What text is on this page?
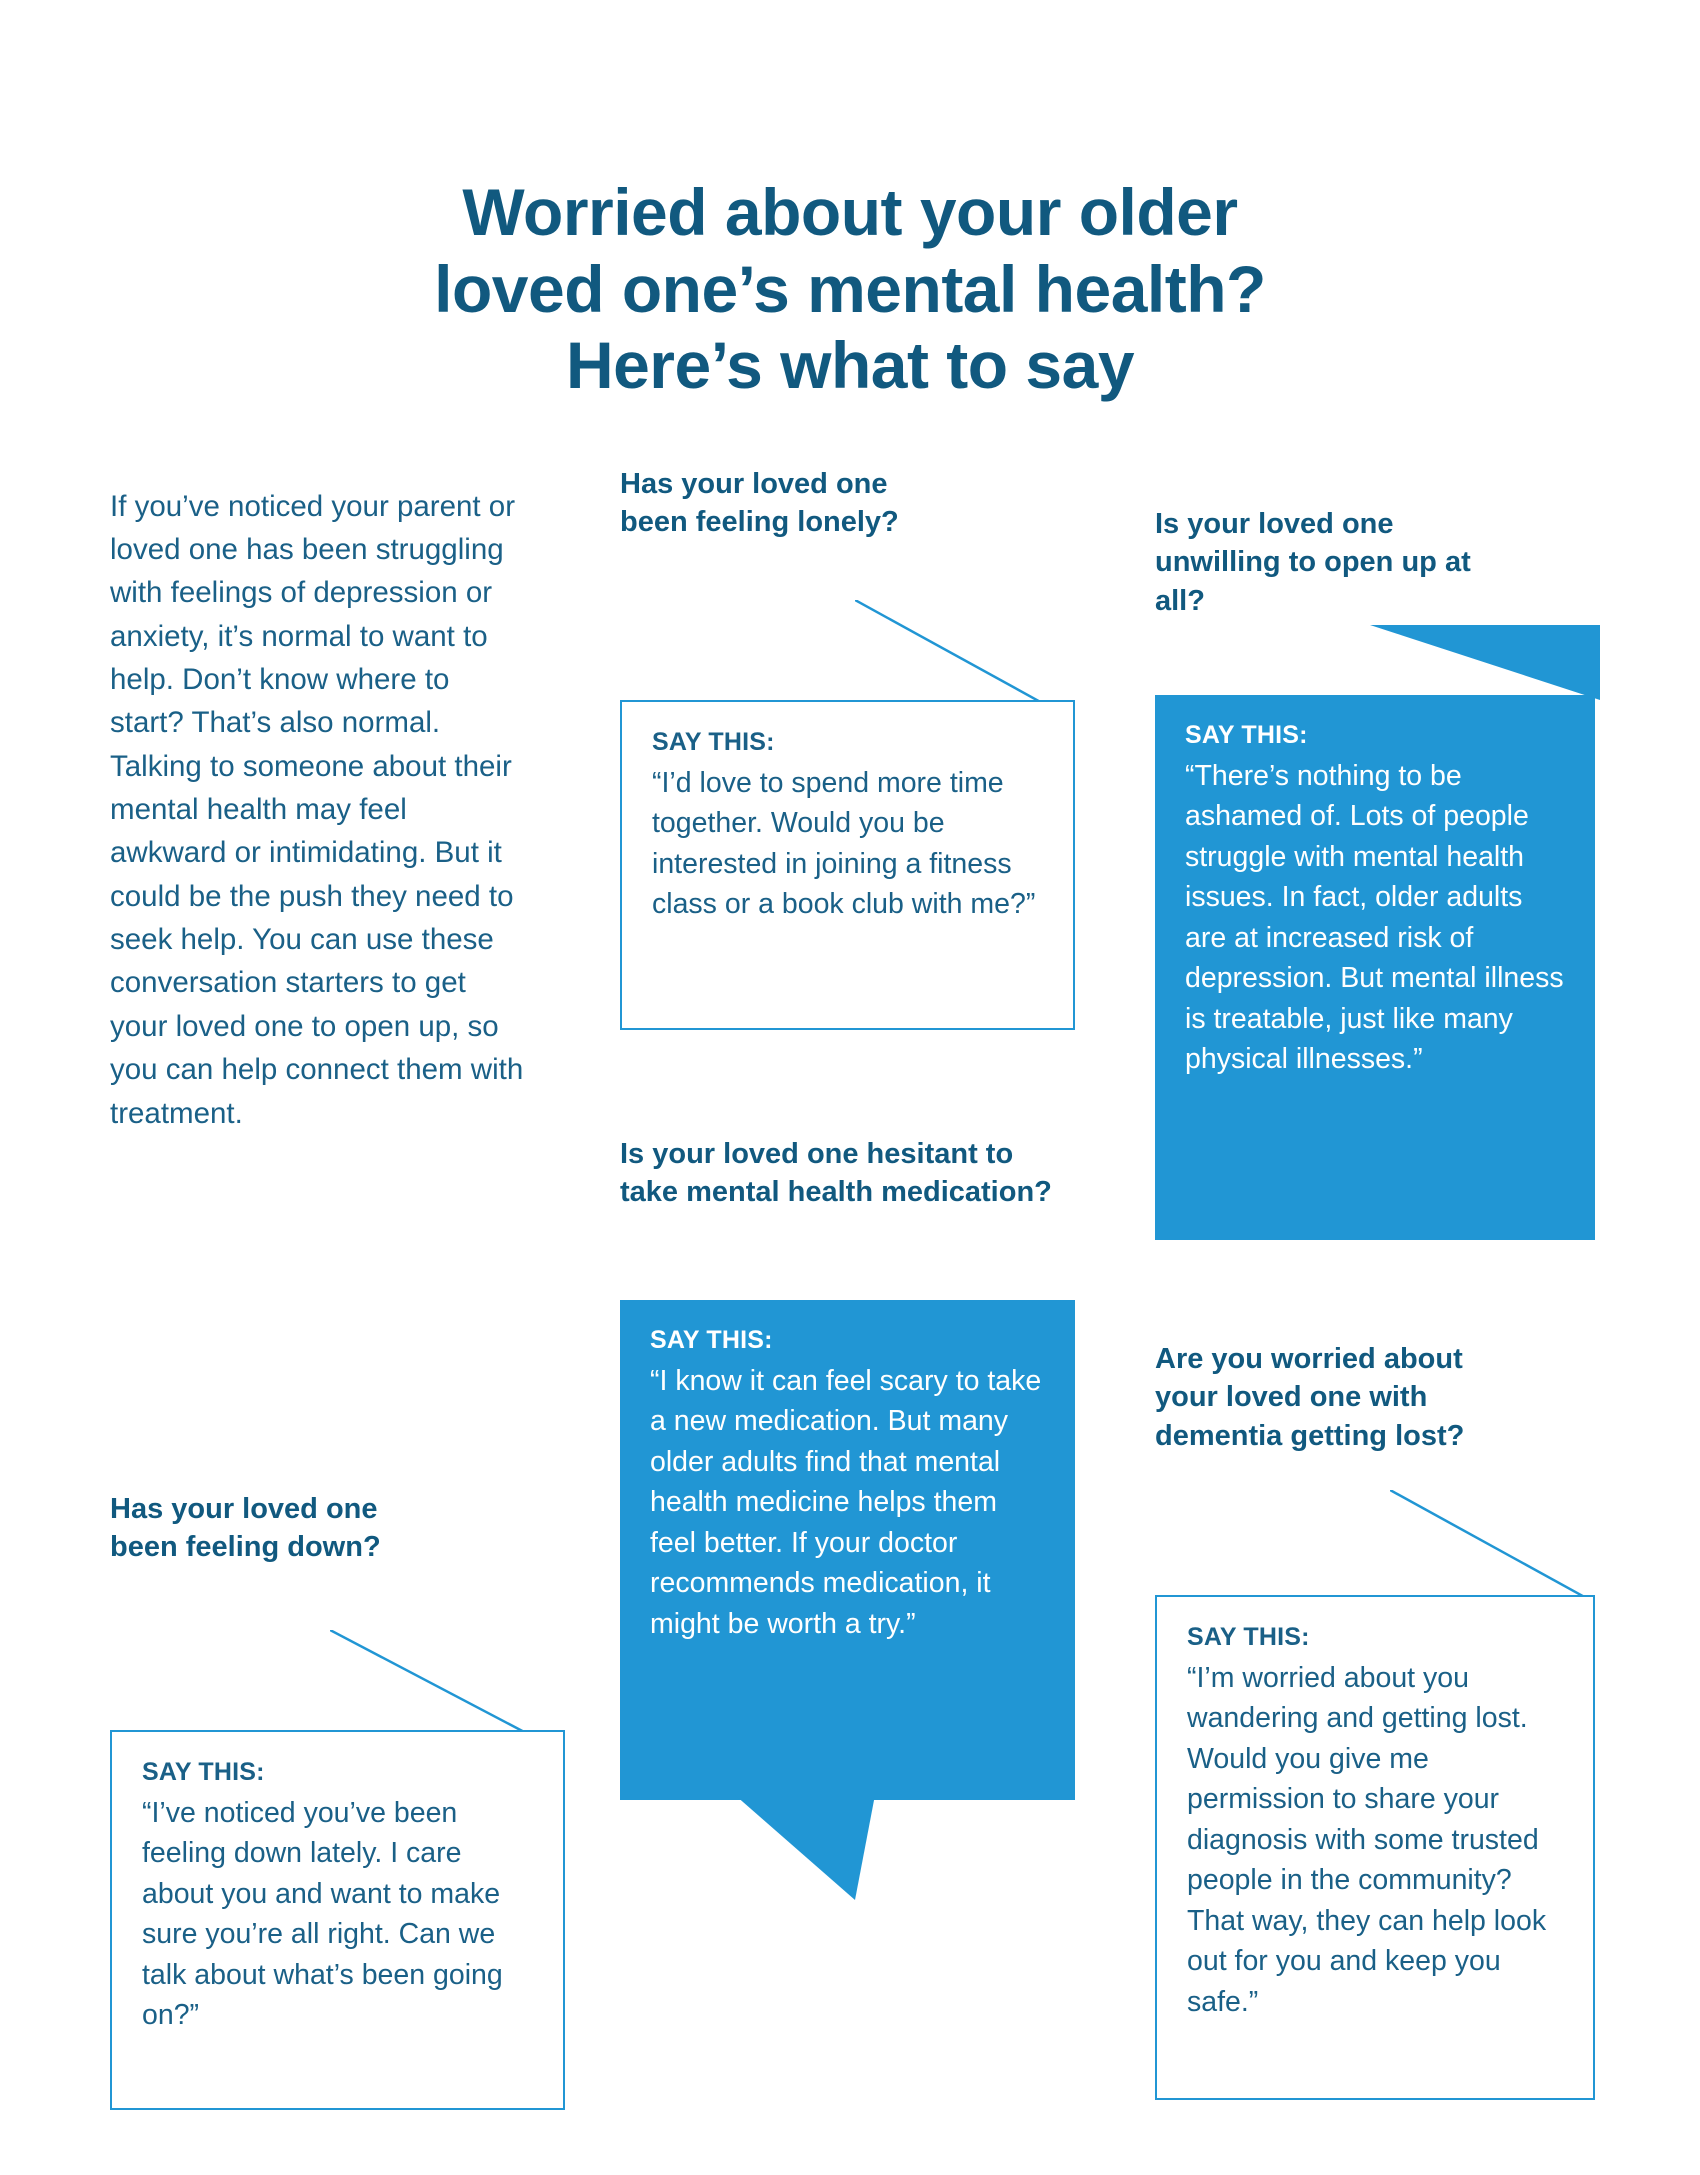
Worried about your older
loved one’s mental health?
Here’s what to say

If you’ve noticed your parent or loved one has been struggling with feelings of depression or anxiety, it’s normal to want to help. Don’t know where to start? That’s also normal. Talking to someone about their mental health may feel awkward or intimidating. But it could be the push they need to seek help. You can use these conversation starters to get your loved one to open up, so you can help connect them with treatment.

Has your loved one been feeling lonely?
SAY THIS:

“I’d love to spend more time together. Would you be interested in joining a fitness class or a book club with me?”

Is your loved one unwilling to open up at all?
SAY THIS:

“There’s nothing to be ashamed of. Lots of people struggle with mental health issues. In fact, older adults are at increased risk of depression. But mental illness is treatable, just like many physical illnesses.”

Is your loved one hesitant to take mental health medication?
SAY THIS:

“I know it can feel scary to take a new medication. But many older adults find that mental health medicine helps them feel better. If your doctor recommends medication, it might be worth a try.”

Are you worried about your loved one with dementia getting lost?
SAY THIS:

“I’m worried about you wandering and getting lost. Would you give me permission to share your diagnosis with some trusted people in the community? That way, they can help look out for you and keep you safe.”

Has your loved one been feeling down?
SAY THIS:

“I’ve noticed you’ve been feeling down lately. I care about you and want to make sure you’re all right. Can we talk about what’s been going on?”
